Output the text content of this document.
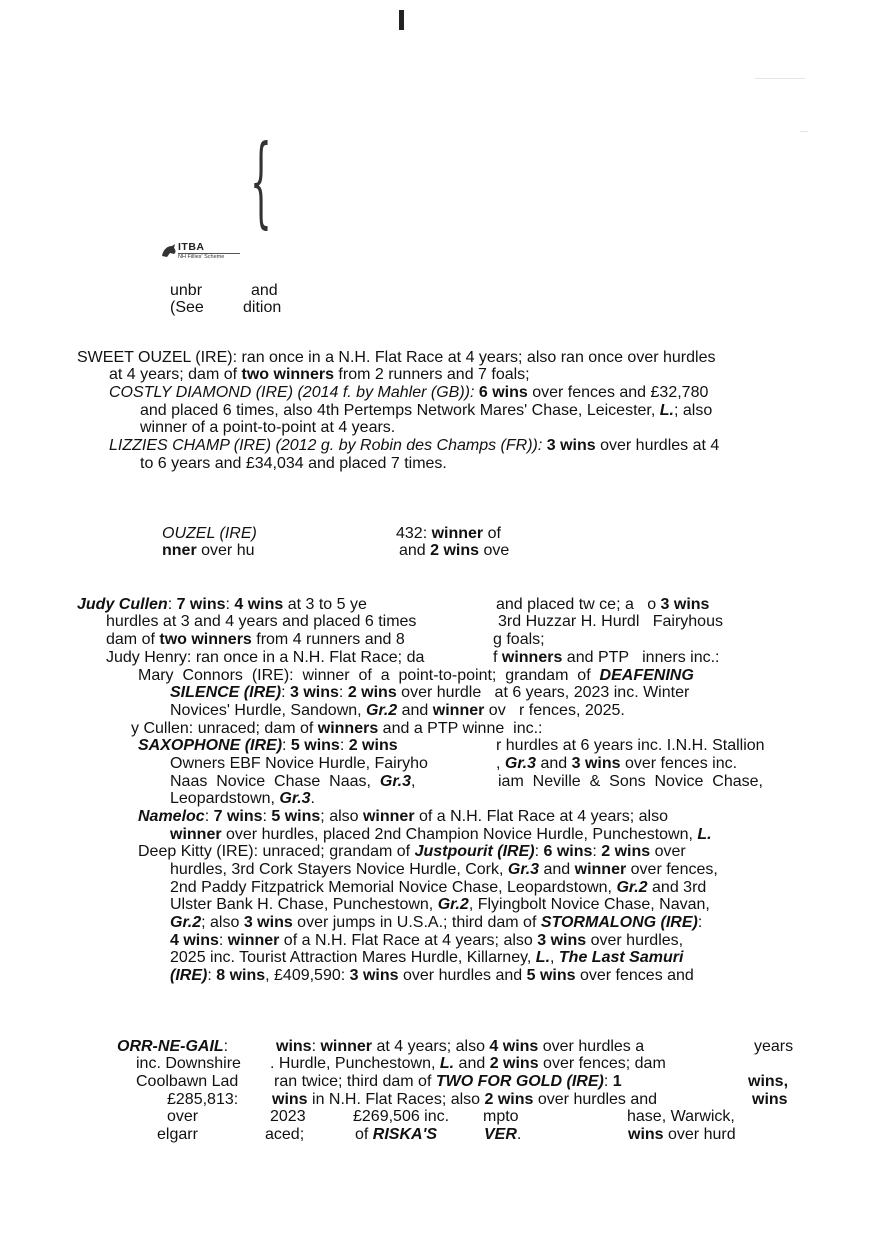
{
ITBA
NH Fillies' Scheme
unbr	and
(See dition
SWEET OUZEL (IRE): ran once in a N.H. Flat Race at 4 years; also ran once over hurdles
at 4 years; dam of two winners from 2 runners and 7 foals;
COSTLY DIAMOND (IRE) (2014 f. by Mahler (GB)): 6 wins over fences and £32,780
and placed 6 times, also 4th Pertemps Network Mares' Chase, Leicester, L.; also
winner of a point-to-point at 4 years.
LIZZIES CHAMP (IRE) (2012 g. by Robin des Champs (FR)): 3 wins over hurdles at 4
to 6 years and £34,034 and placed 7 times.
OUZEL (IRE)	432: winner of
nner over hu	and 2 wins ove
Judy Cullen: 7 wins: 4 wins at 3 to 5 ye	and placed tw ce; a   o 3 wins
hurdles at 3 and 4 years and placed 6 times	3rd Huzzar H. Hurdl   Fairyhous
dam of two winners from 4 runners and 8	g foals;
Judy Henry: ran once in a N.H. Flat Race; da	f winners and PTP   inners inc.:
Mary  Connors  (IRE):  winner  of  a  point-to-point;  grandam  of  DEAFENING
SILENCE (IRE): 3 wins: 2 wins over hurdle   at 6 years, 2023 inc. Winter
Novices' Hurdle, Sandown, Gr.2 and winner ov   r fences, 2025.
y Cullen: unraced; dam of winners and a PTP winne  inc.:
SAXOPHONE (IRE): 5 wins: 2 wins	r hurdles at 6 years inc. I.N.H. Stallion
Owners EBF Novice Hurdle, Fairyho	, Gr.3 and 3 wins over fences inc.
Naas  Novice  Chase  Naas,  Gr.3,	iam  Neville  &  Sons  Novice  Chase,
Leopardstown, Gr.3.
Nameloc: 7 wins: 5 wins; also winner of a N.H. Flat Race at 4 years; also
winner over hurdles, placed 2nd Champion Novice Hurdle, Punchestown, L.
Deep Kitty (IRE): unraced; grandam of Justpourit (IRE): 6 wins: 2 wins over
hurdles, 3rd Cork Stayers Novice Hurdle, Cork, Gr.3 and winner over fences,
2nd Paddy Fitzpatrick Memorial Novice Chase, Leopardstown, Gr.2 and 3rd
Ulster Bank H. Chase, Punchestown, Gr.2, Flyingbolt Novice Chase, Navan,
Gr.2; also 3 wins over jumps in U.S.A.; third dam of STORMALONG (IRE):
4 wins: winner of a N.H. Flat Race at 4 years; also 3 wins over hurdles,
2025 inc. Tourist Attraction Mares Hurdle, Killarney, L., The Last Samuri
(IRE): 8 wins, £409,590: 3 wins over hurdles and 5 wins over fences and
ORR-NE-GAIL:	wins: winner at 4 years; also 4 wins over hurdles a	years
inc. Downshire . Hurdle, Punchestown, L. and 2 wins over fences; dam
Coolbawn Lad ran twice; third dam of TWO FOR GOLD (IRE): 1	wins,
£285,813: wins in N.H. Flat Races; also 2 wins over hurdles and	wins
over	2023	£269,506 inc. mpto	hase, Warwick,
elgarr	aced;	of RISKA'S	VER.	wins over hurd
